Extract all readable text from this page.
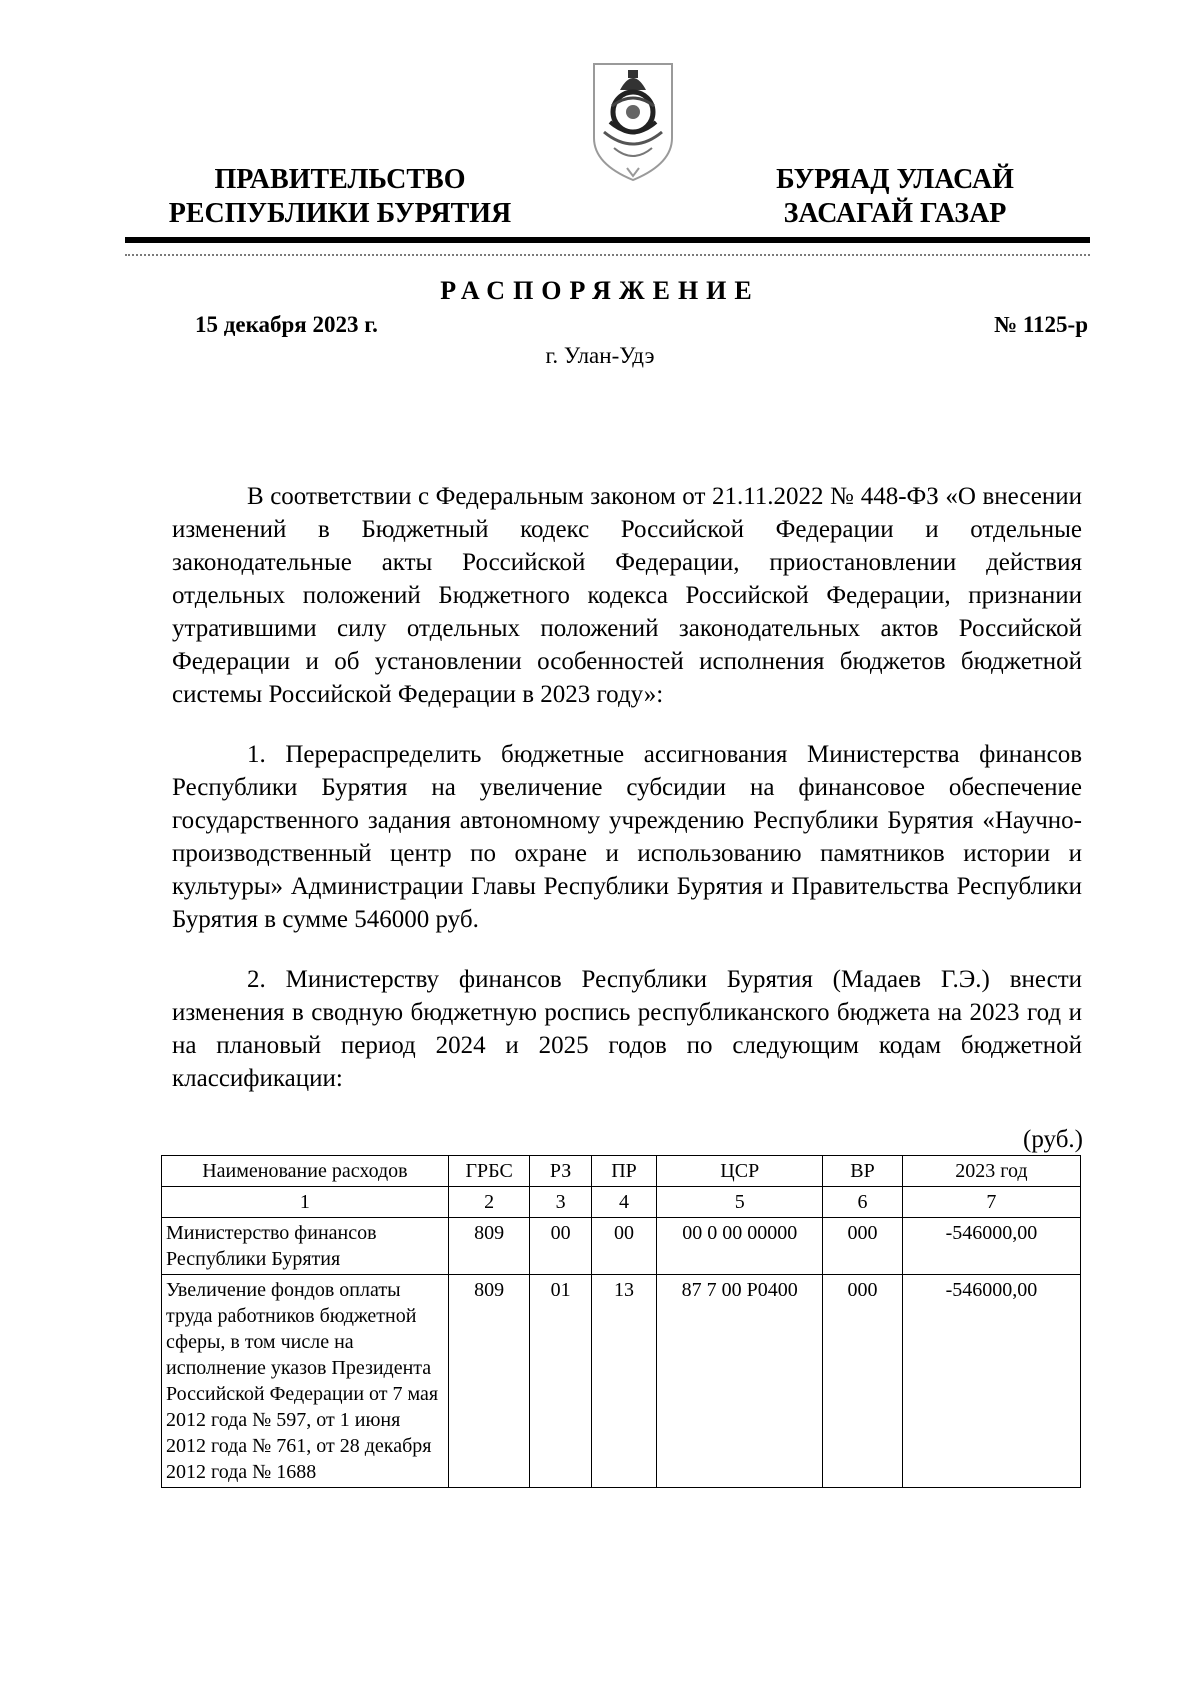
ПРАВИТЕЛЬСТВО
РЕСПУБЛИКИ БУРЯТИЯ
БУРЯАД УЛАСАЙ
ЗАСАГАЙ ГАЗАР
РАСПОРЯЖЕНИЕ
15 декабря 2023 г.	№ 1125-р
г. Улан-Удэ

В соответствии с Федеральным законом от 21.11.2022 № 448-ФЗ «О внесении изменений в Бюджетный кодекс Российской Федерации и отдельные законодательные акты Российской Федерации, приостановлении действия отдельных положений Бюджетного кодекса Российской Федерации, признании утратившими силу отдельных положений законодательных актов Российской Федерации и об установлении особенностей исполнения бюджетов бюджетной системы Российской Федерации в 2023 году»:

1. Перераспределить бюджетные ассигнования Министерства финансов Республики Бурятия на увеличение субсидии на финансовое обеспечение государственного задания автономному учреждению Республики Бурятия «Научно-производственный центр по охране и использованию памятников истории и культуры» Администрации Главы Республики Бурятия и Правительства Республики Бурятия в сумме 546000 руб.

2. Министерству финансов Республики Бурятия (Мадаев Г.Э.) внести изменения в сводную бюджетную роспись республиканского бюджета на 2023 год и на плановый период 2024 и 2025 годов по следующим кодам бюджетной классификации:

(руб.)
Наименование расходов	ГРБС	РЗ	ПР	ЦСР	ВР	2023 год
1	2	3	4	5	6	7
Министерство финансов Республики Бурятия	809	00	00	00 0 00 00000	000	-546000,00
Увеличение фондов оплаты труда работников бюджетной сферы, в том числе на исполнение указов Президента Российской Федерации от 7 мая 2012 года № 597, от 1 июня 2012 года № 761, от 28 декабря 2012 года № 1688	809	01	13	87 7 00 Р0400	000	-546000,00
